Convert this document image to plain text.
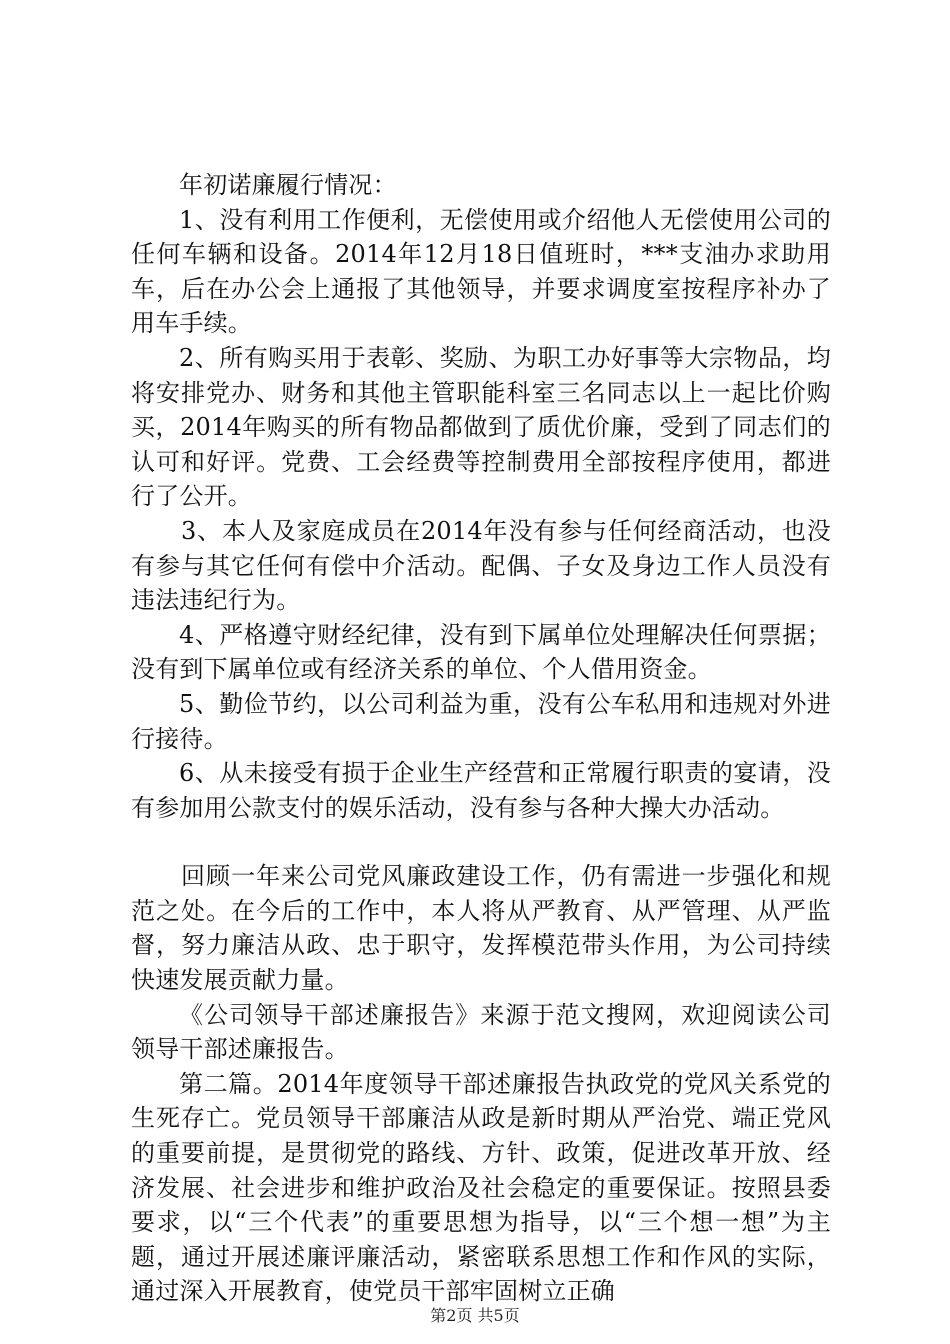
年初诺廉履行情况：

1、没有利用工作便利，无偿使用或介绍他人无偿使用公司的任何车辆和设备。2014年12月18日值班时，***支油办求助用车，后在办公会上通报了其他领导，并要求调度室按程序补办了用车手续。

2、所有购买用于表彰、奖励、为职工办好事等大宗物品，均将安排党办、财务和其他主管职能科室三名同志以上一起比价购买，2014年购买的所有物品都做到了质优价廉，受到了同志们的认可和好评。党费、工会经费等控制费用全部按程序使用，都进行了公开。

3、本人及家庭成员在2014年没有参与任何经商活动，也没有参与其它任何有偿中介活动。配偶、子女及身边工作人员没有违法违纪行为。

4、严格遵守财经纪律，没有到下属单位处理解决任何票据；没有到下属单位或有经济关系的单位、个人借用资金。

5、勤俭节约，以公司利益为重，没有公车私用和违规对外进行接待。

6、从未接受有损于企业生产经营和正常履行职责的宴请，没有参加用公款支付的娱乐活动，没有参与各种大操大办活动。

回顾一年来公司党风廉政建设工作，仍有需进一步强化和规范之处。在今后的工作中，本人将从严教育、从严管理、从严监督，努力廉洁从政、忠于职守，发挥模范带头作用，为公司持续快速发展贡献力量。

《公司领导干部述廉报告》来源于范文搜网，欢迎阅读公司领导干部述廉报告。

第二篇。2014年度领导干部述廉报告执政党的党风关系党的生死存亡。党员领导干部廉洁从政是新时期从严治党、端正党风的重要前提，是贯彻党的路线、方针、政策，促进改革开放、经济发展、社会进步和维护政治及社会稳定的重要保证。按照县委要求，以“三个代表”的重要思想为指导，以“三个想一想”为主题，通过开展述廉评廉活动，紧密联系思想工作和作风的实际，通过深入开展教育，使党员干部牢固树立正确

第2页 共5页
